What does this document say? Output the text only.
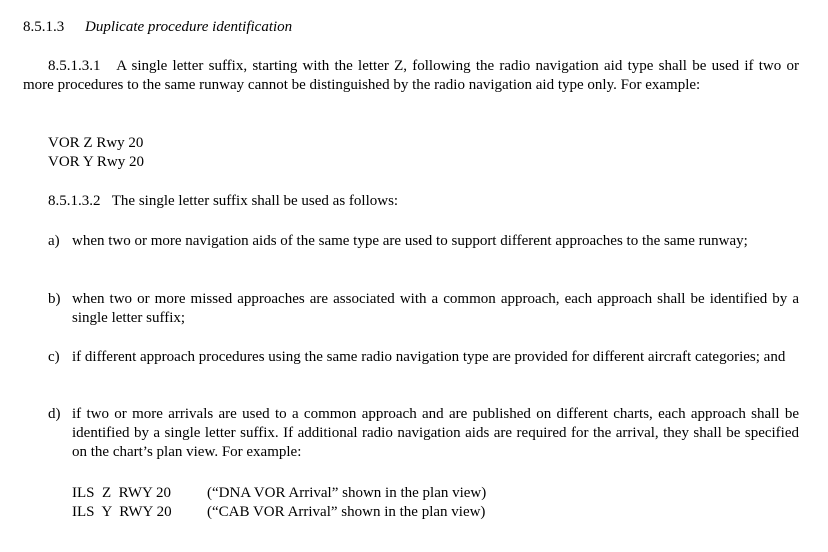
8.5.1.3 Duplicate procedure identification
8.5.1.3.1 A single letter suffix, starting with the letter Z, following the radio navigation aid type shall be used if two or more procedures to the same runway cannot be distinguished by the radio navigation aid type only. For example:
VOR Z Rwy 20
VOR Y Rwy 20
8.5.1.3.2 The single letter suffix shall be used as follows:
a) when two or more navigation aids of the same type are used to support different approaches to the same runway;
b) when two or more missed approaches are associated with a common approach, each approach shall be identified by a single letter suffix;
c) if different approach procedures using the same radio navigation type are provided for different aircraft categories; and
d) if two or more arrivals are used to a common approach and are published on different charts, each approach shall be identified by a single letter suffix. If additional radio navigation aids are required for the arrival, they shall be specified on the chart’s plan view. For example:
ILS  Z  RWY 20 (“DNA VOR Arrival” shown in the plan view)
ILS  Y  RWY 20 (“CAB VOR Arrival” shown in the plan view)
